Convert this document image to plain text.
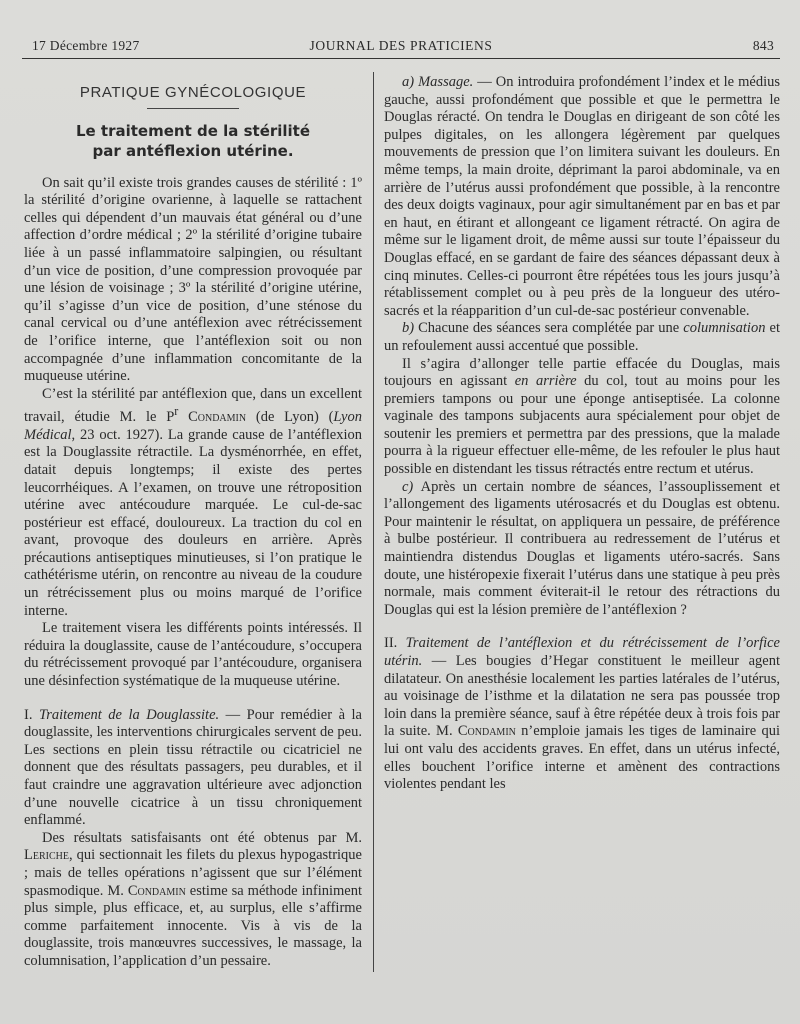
17 Décembre 1927	JOURNAL DES PRATICIENS	843
PRATIQUE GYNÉCOLOGIQUE
Le traitement de la stérilité
par antéflexion utérine.

On sait qu’il existe trois grandes causes de stérilité : 1º la stérilité d’origine ovarienne, à laquelle se rattachent celles qui dépendent d’un mauvais état général ou d’une affection d’ordre médical ; 2º la stérilité d’origine tubaire liée à un passé inflammatoire salpingien, ou résultant d’un vice de position, d’une compression provoquée par une lésion de voisinage ; 3º la stérilité d’origine utérine, qu’il s’agisse d’un vice de position, d’une sténose du canal cervical ou d’une antéflexion avec rétrécissement de l’orifice interne, que l’antéflexion soit ou non accompagnée d’une inflammation concomitante de la muqueuse utérine.

C’est la stérilité par antéflexion que, dans un excellent travail, étudie M. le $P^r$ Condamin (de Lyon) (Lyon Médical, 23 oct. 1927). La grande cause de l’antéflexion est la Douglassite rétractile. La dysménorrhée, en effet, datait depuis longtemps; il existe des pertes leucorrhéiques. A l’examen, on trouve une rétroposition utérine avec antécoudure marquée. Le cul-de-sac postérieur est effacé, douloureux. La traction du col en avant, provoque des douleurs en arrière. Après précautions antiseptiques minutieuses, si l’on pratique le cathétérisme utérin, on rencontre au niveau de la coudure un rétrécissement plus ou moins marqué de l’orifice interne.

Le traitement visera les différents points intéressés. Il réduira la douglassite, cause de l’antécoudure, s’occupera du rétrécissement provoqué par l’antécoudure, organisera une désinfection systématique de la muqueuse utérine.

I. Traitement de la Douglassite. — Pour remédier à la douglassite, les interventions chirurgicales servent de peu. Les sections en plein tissu rétractile ou cicatriciel ne donnent que des résultats passagers, peu durables, et il faut craindre une aggravation ultérieure avec adjonction d’une nouvelle cicatrice à un tissu chroniquement enflammé.

Des résultats satisfaisants ont été obtenus par M. Leriche, qui sectionnait les filets du plexus hypogastrique ; mais de telles opérations n’agissent que sur l’élément spasmodique. M. Condamin estime sa méthode infiniment plus simple, plus efficace, et, au surplus, elle s’affirme comme parfaitement innocente. Vis à vis de la douglassite, trois manœuvres successives, le massage, la columnisation, l’application d’un pessaire.

a) Massage. — On introduira profondément l’index et le médius gauche, aussi profondément que possible et que le permettra le Douglas réracté. On tendra le Douglas en dirigeant de son côté les pulpes digitales, on les allongera légèrement par quelques mouvements de pression que l’on limitera suivant les douleurs. En même temps, la main droite, déprimant la paroi abdominale, va en arrière de l’utérus aussi profondément que possible, à la rencontre des deux doigts vaginaux, pour agir simultanément par en bas et par en haut, en étirant et allongeant ce ligament rétracté. On agira de même sur le ligament droit, de même aussi sur toute l’épaisseur du Douglas effacé, en se gardant de faire des séances dépassant deux à cinq minutes. Celles-ci pourront être répétées tous les jours jusqu’à rétablissement complet ou à peu près de la longueur des utéro-sacrés et la réapparition d’un cul-de-sac postérieur convenable.

b) Chacune des séances sera complétée par une columnisation et un refoulement aussi accentué que possible.

Il s’agira d’allonger telle partie effacée du Douglas, mais toujours en agissant en arrière du col, tout au moins pour les premiers tampons ou pour une éponge antiseptisée. La colonne vaginale des tampons subjacents aura spécialement pour objet de soutenir les premiers et permettra par des pressions, que la malade pourra à la rigueur effectuer elle-même, de les refouler le plus haut possible en distendant les tissus rétractés entre rectum et utérus.

c) Après un certain nombre de séances, l’assouplissement et l’allongement des ligaments utérosacrés et du Douglas est obtenu. Pour maintenir le résultat, on appliquera un pessaire, de préférence à bulbe postérieur. Il contribuera au redressement de l’utérus et maintiendra distendus Douglas et ligaments utéro-sacrés. Sans doute, une histéropexie fixerait l’utérus dans une statique à peu près normale, mais comment éviterait-il le retour des rétractions du Douglas qui est la lésion première de l’antéflexion ?

II. Traitement de l’antéflexion et du rétrécissement de l’orfice utérin. — Les bougies d’Hegar constituent le meilleur agent dilatateur. On anesthésie localement les parties latérales de l’utérus, au voisinage de l’isthme et la dilatation ne sera pas poussée trop loin dans la première séance, sauf à être répétée deux à trois fois par la suite. M. Condamin n’emploie jamais les tiges de laminaire qui lui ont valu des accidents graves. En effet, dans un utérus infecté, elles bouchent l’orifice interne et amènent des contractions violentes pendant les
